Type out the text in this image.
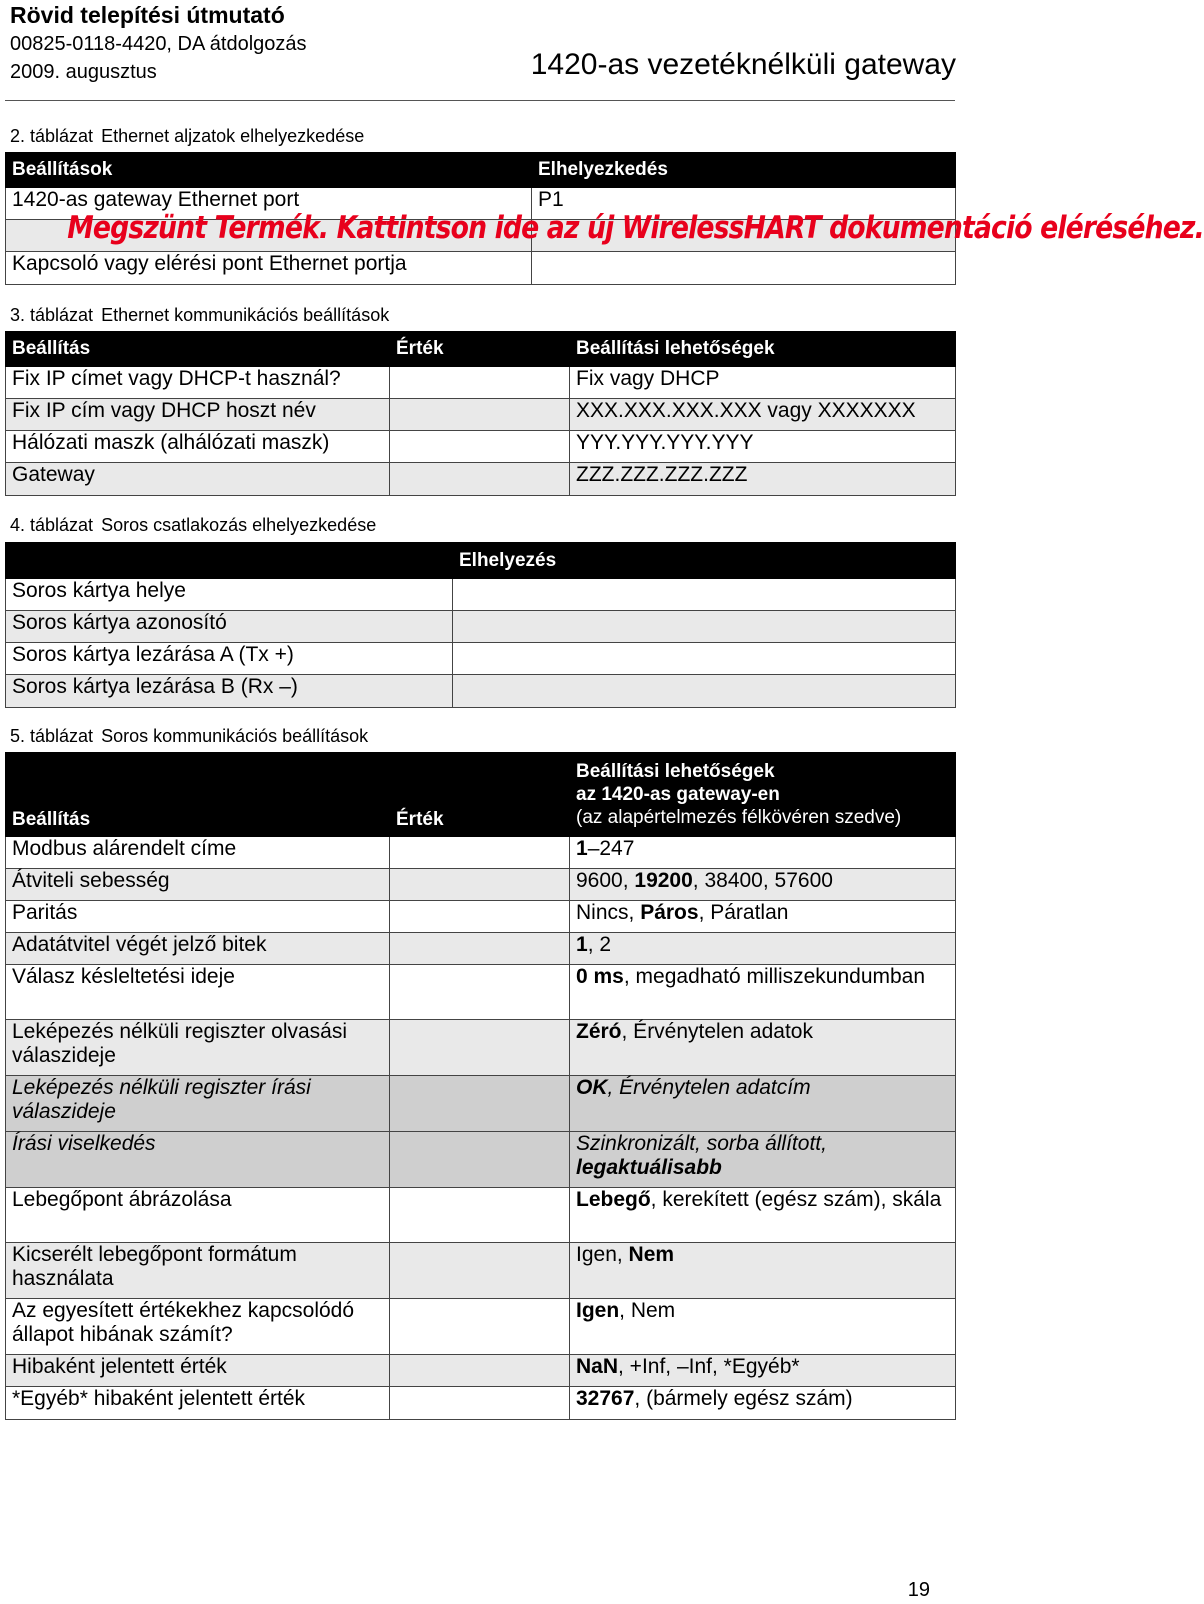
Rövid telepítési útmutató
00825-0118-4420, DA átdolgozás
2009. augusztus	1420-as vezetéknélküli gateway
2. táblázat Ethernet aljzatok elhelyezkedése
Beállítások	Elhelyezkedés
1420-as gateway Ethernet port	P1

Kapcsoló vagy elérési pont Ethernet portja	
Megszünt Termék. Kattintson ide az új WirelessHART dokumentáció eléréséhez.
3. táblázat Ethernet kommunikációs beállítások
Beállítás	Érték	Beállítási lehetőségek
Fix IP címet vagy DHCP-t használ?		Fix vagy DHCP
Fix IP cím vagy DHCP hoszt név		XXX.XXX.XXX.XXX vagy XXXXXXX
Hálózati maszk (alhálózati maszk)		YYY.YYY.YYY.YYY
Gateway		ZZZ.ZZZ.ZZZ.ZZZ
4. táblázat Soros csatlakozás elhelyezkedése
	Elhelyezés
Soros kártya helye	
Soros kártya azonosító	
Soros kártya lezárása A (Tx +)	
Soros kártya lezárása B (Rx –)	
5. táblázat Soros kommunikációs beállítások
Beállítás	Érték	Beállítási lehetőségek
az 1420-as gateway-en
(az alapértelmezés félkövéren szedve)

Modbus alárendelt címe		1–247
Átviteli sebesség		9600, 19200, 38400, 57600
Paritás		Nincs, Páros, Páratlan
Adatátvitel végét jelző bitek		1, 2
Válasz késleltetési ideje		0 ms, megadható milliszekundumban
Leképezés nélküli regiszter olvasási válaszideje		Zéró, Érvénytelen adatok
Leképezés nélküli regiszter írási válaszideje		OK, Érvénytelen adatcím
Írási viselkedés		Szinkronizált, sorba állított, legaktuálisabb
Lebegőpont ábrázolása		Lebegő, kerekített (egész szám), skála
Kicserélt lebegőpont formátum használata		Igen, Nem
Az egyesített értékekhez kapcsolódó állapot hibának számít?		Igen, Nem
Hibaként jelentett érték		NaN, +Inf, –Inf, *Egyéb*
*Egyéb* hibaként jelentett érték		32767, (bármely egész szám)
19
